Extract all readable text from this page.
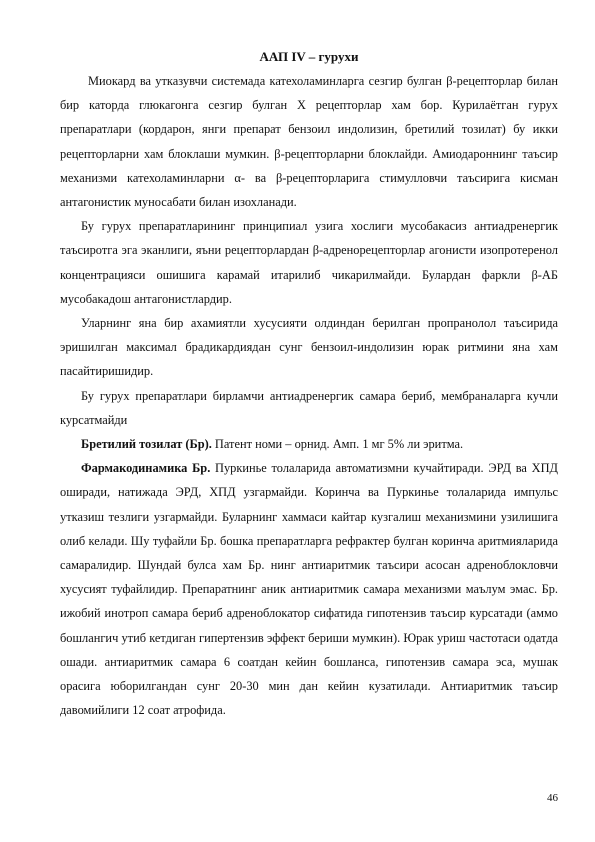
ААП IV – гурухи

Миокард ва утказувчи системада катехоламинларга сезгир булган β-рецепторлар билан бир каторда глюкагонга сезгир булган X рецепторлар хам бор. Курилаётган гурух препаратлари (кордарон, янги препарат бензоил индолизин, бретилий тозилат) бу икки рецепторларни хам блоклаши мумкин. β-рецепторларни блоклайди. Амиодароннинг таъсир механизми катехоламинларни α- ва β-рецепторларига стимулловчи таъсирига кисман антагонистик муносабати билан изохланади.

Бу гурух препаратларининг принципиал узига хослиги мусобакасиз антиадренергик таъсиротга эга эканлиги, яъни рецепторлардан β-адренорецепторлар агонисти изопротеренол концентрацияси ошишига карамай итарилиб чикарилмайди. Булардан фаркли β-АБ мусобакадош антагонистлардир.

Уларнинг яна бир ахамиятли хусусияти олдиндан берилган пропранолол таъсирида эришилган максимал брадикардиядан сунг бензоил-индолизин юрак ритмини яна хам пасайтиришидир.

Бу гурух препаратлари бирламчи антиадренергик самара бериб, мембраналарга кучли курсатмайди

Бретилий тозилат (Бр). Патент номи – орнид. Амп. 1 мг 5% ли эритма.

Фармакодинамика Бр. Пуркинье толаларида автоматизмни кучайтиради. ЭРД ва ХПД оширади, натижада ЭРД, ХПД узгармайди. Коринча ва Пуркинье толаларида импульс утказиш тезлиги узгармайди. Буларнинг хаммаси кайтар кузгалиш механизмини узилишига олиб келади. Шу туфайли Бр. бошка препаратларга рефрактер булган коринча аритмияларида самаралидир. Шундай булса хам Бр. нинг антиаритмик таъсири асосан адреноблокловчи хусусият туфайлидир. Препаратнинг аник антиаритмик самара механизми маълум эмас. Бр. ижобий инотроп самара бериб адреноблокатор сифатида гипотензив таъсир курсатади (аммо бошлангич утиб кетдиган гипертензив эффект бериши мумкин). Юрак уриш частотаси одатда ошади. антиаритмик самара 6 соатдан кейин бошланса, гипотензив самара эса, мушак орасига юборилгандан сунг 20-30 мин дан кейин кузатилади. Антиаритмик таъсир давомийлиги 12 соат атрофида.

46
